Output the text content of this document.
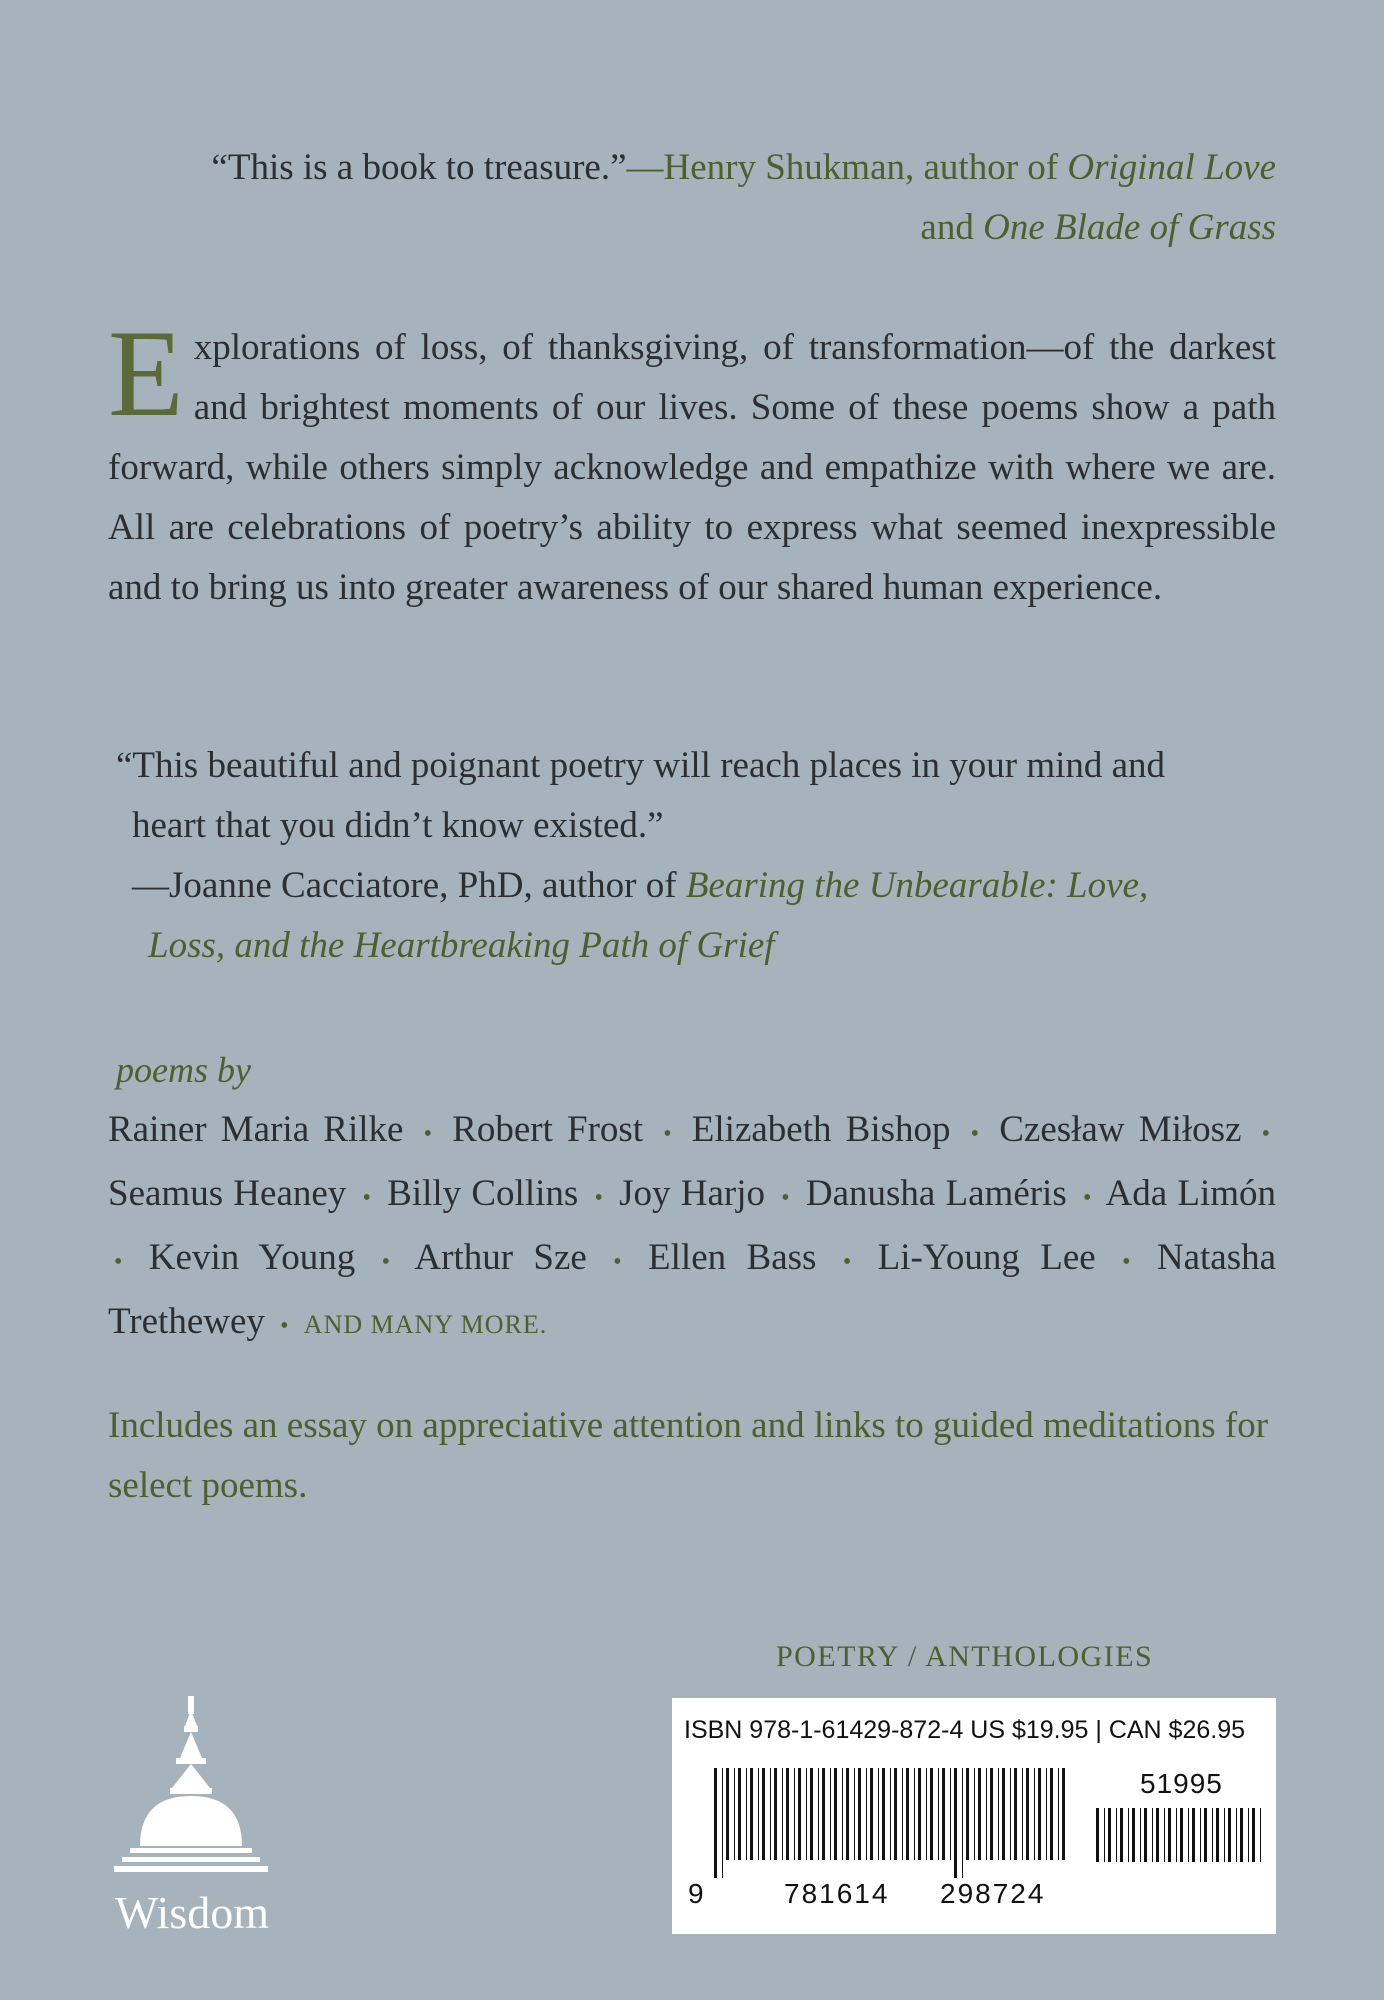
“This is a book to treasure.”—Henry Shukman, author of Original Love
and One Blade of Grass
Explorations of loss, of thanksgiving, of transformation—of the darkest and brightest moments of our lives. Some of these poems show a path forward, while others simply acknowledge and empathize with where we are. All are celebrations of poetry’s ability to express what seemed inexpressible and to bring us into greater awareness of our shared human experience.
“This beautiful and poignant poetry will reach places in your mind and
heart that you didn’t know existed.”
—Joanne Cacciatore, PhD, author of Bearing the Unbearable: Love,
Loss, and the Heartbreaking Path of Grief
poems by
Rainer Maria Rilke • Robert Frost • Elizabeth Bishop • Czesław Miłosz • Seamus Heaney • Billy Collins • Joy Harjo • Danusha Laméris • Ada Limón • Kevin Young • Arthur Sze • Ellen Bass • Li-Young Lee • Natasha Trethewey • AND MANY MORE.
Includes an essay on appreciative attention and links to guided meditations for select poems.
POETRY / ANTHOLOGIES
Wisdom
ISBN 978-1-61429-872-4 US $19.95 | CAN $26.95
9	781614 298724
51995
